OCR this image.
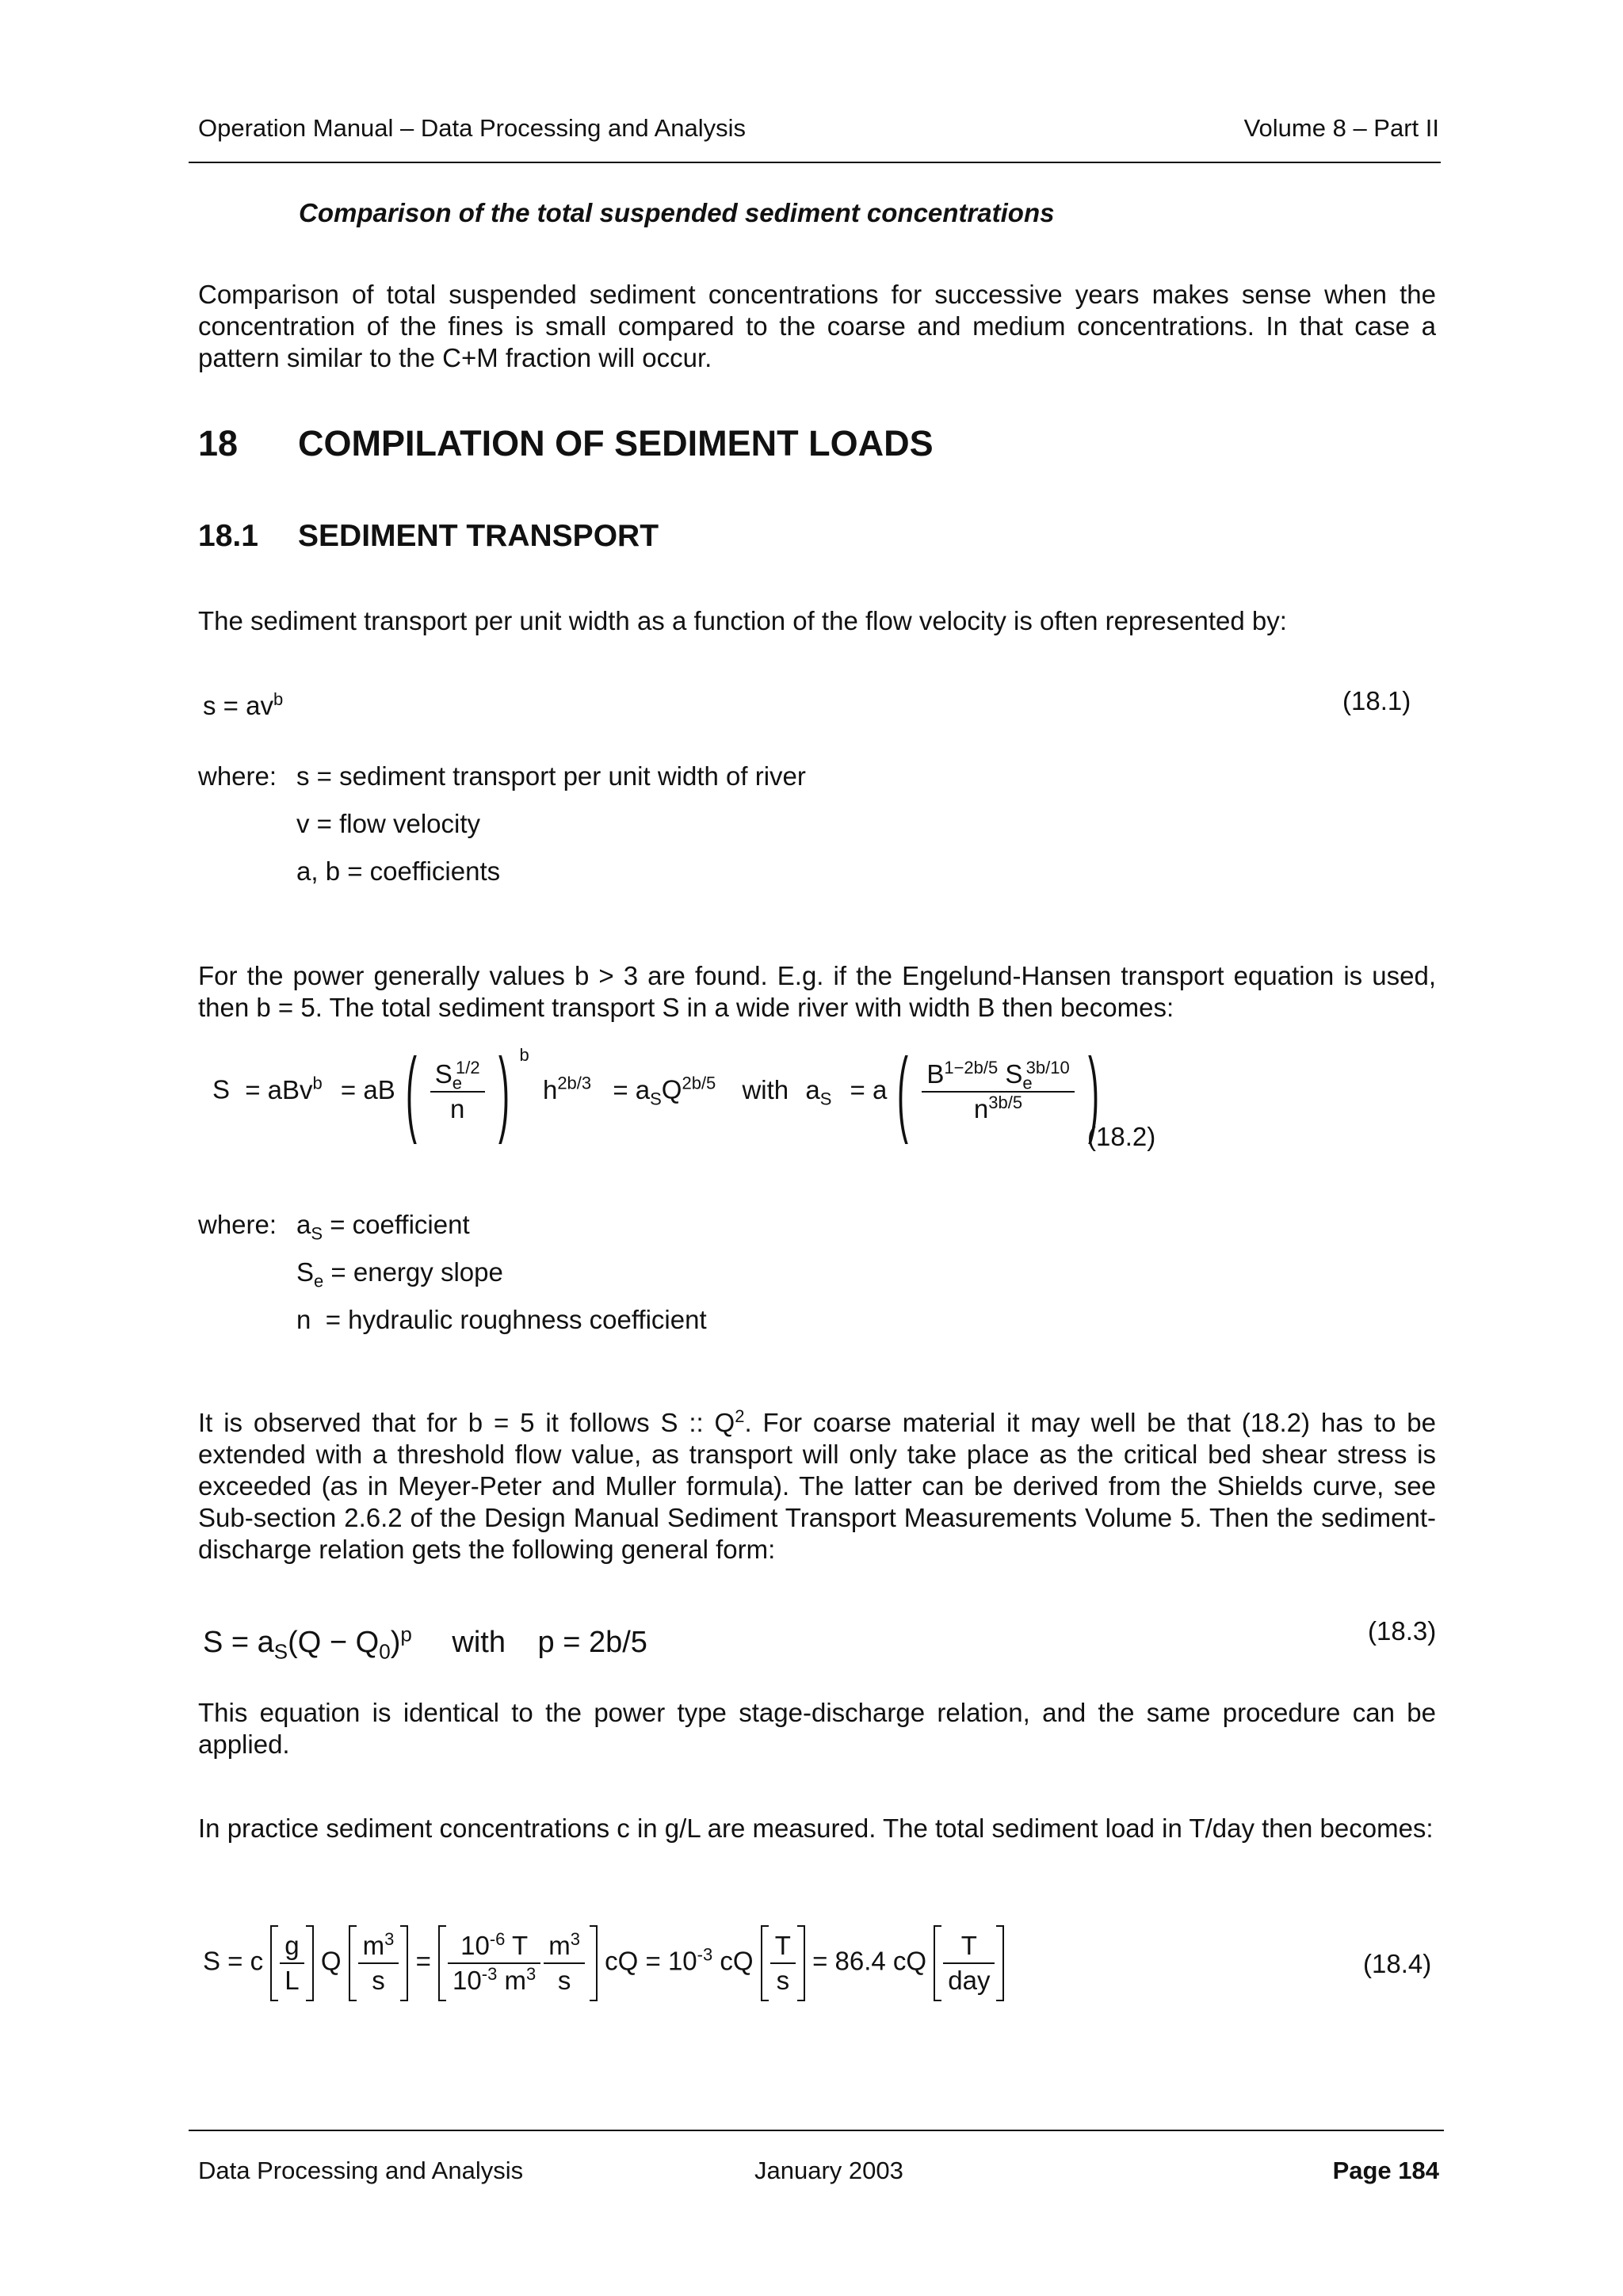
Operation Manual – Data Processing and Analysis	Volume 8 – Part II
Comparison of the total suspended sediment concentrations
Comparison of total suspended sediment concentrations for successive years makes sense when the concentration of the fines is small compared to the coarse and medium concentrations. In that case a pattern similar to the C+M fraction will occur.
18 COMPILATION OF SEDIMENT LOADS
18.1 SEDIMENT TRANSPORT
The sediment transport per unit width as a function of the flow velocity is often represented by:
$s = av^b$	(18.1)
where: s = sediment transport per unit width of river
v = flow velocity
a, b = coefficients
For the power generally values b > 3 are found. E.g. if the Engelund-Hansen transport equation is used, then b = 5. The total sediment transport S in a wide river with width B then becomes:
S = aBv$^b$ = aB ( $\frac{S_e^{1/2}}{n}$ ) $^b$ $h^{2b/3} = a_SQ^{2b/5}$ with $a_S = a$ ( $\frac{B^{1-2b/5} S_e^{3b/10}}{n^{3b/5}}$ )
(18.2)
where: $a_S$ = coefficient
$S_e$ = energy slope
n  = hydraulic roughness coefficient
It is observed that for b = 5 it follows S :: $Q^2$. For coarse material it may well be that (18.2) has to be extended with a threshold flow value, as transport will only take place as the critical bed shear stress is exceeded (as in Meyer-Peter and Muller formula). The latter can be derived from the Shields curve, see Sub-section 2.6.2 of the Design Manual Sediment Transport Measurements Volume 5. Then the sediment-discharge relation gets the following general form:
$S = a_S(Q - Q_0)^p$ with p = 2b/5	(18.3)
This equation is identical to the power type stage-discharge relation, and the same procedure can be applied.
In practice sediment concentrations c in g/L are measured. The total sediment load in T/day then becomes:
S = c $\frac{g}{L}$ Q $\frac{m^3}{s} = \frac{10^{-6} T}{10^{-3} m^3} \frac{m^3}{s}$ cQ = $10^{-3}$ cQ $\frac{T}{s} = 86.4$ cQ $\frac{T}{\text{day}}$	(18.4)
Data Processing and Analysis	January 2003	Page 184
